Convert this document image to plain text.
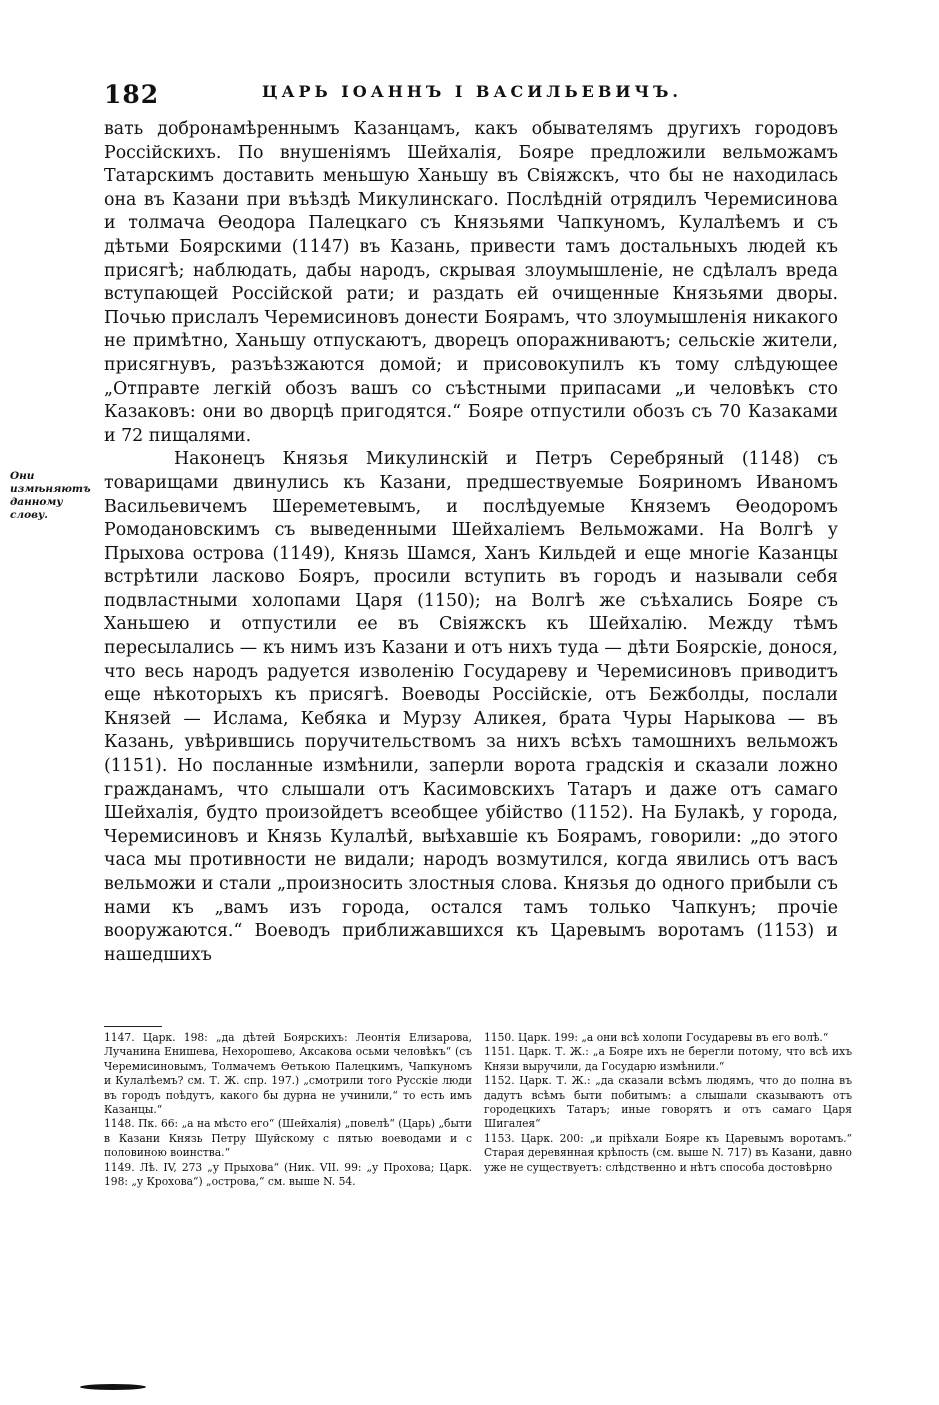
182	ЦАРЬ ІОАННЪ І ВАСИЛЬЕВИЧЪ.
Они измѣняютъ данному слову.

вать добронамѣреннымъ Казанцамъ, какъ обывателямъ другихъ городовъ Россійскихъ. По внушеніямъ Шейхалія, Бояре предложили вельможамъ Татарскимъ доставить меньшую Ханьшу въ Свіяжскъ, что бы не находилась она въ Казани при въѣздѣ Микулинскаго. Послѣдній отрядилъ Черемисинова и толмача Өеодора Палецкаго съ Князьями Чапкуномъ, Кулалѣемъ и съ дѣтьми Боярскими (1147) въ Казань, привести тамъ достальныхъ людей къ присягѣ; наблюдать, дабы народъ, скрывая злоумышленіе, не сдѣлалъ вреда вступающей Россійской рати; и раздать ей очищенные Князьями дворы. Почью прислалъ Черемисиновъ донести Боярамъ, что злоумышленія никакого не примѣтно, Ханьшу отпускаютъ, дворецъ опоражниваютъ; сельскіе жители, присягнувъ, разъѣзжаются домой; и присовокупилъ къ тому слѣдующее „Отправте легкій обозъ вашъ со съѣстными припасами „и человѣкъ сто Казаковъ: они во дворцѣ пригодятся.“ Бояре отпустили обозъ съ 70 Казаками и 72 пищалями.

Наконецъ Князья Микулинскій и Петръ Серебряный (1148) съ товарищами двинулись къ Казани, предшествуемые Бояриномъ Иваномъ Васильевичемъ Шереметевымъ, и послѣдуемые Княземъ Өеодоромъ Ромодановскимъ съ выведенными Шейхаліемъ Вельможами. На Волгѣ у Прыхова острова (1149), Князь Шамся, Ханъ Кильдей и еще многіе Казанцы встрѣтили ласково Бояръ, просили вступить въ городъ и называли себя подвластными холопами Царя (1150); на Волгѣ же съѣхались Бояре съ Ханьшею и отпустили ее въ Свіяжскъ къ Шейхалію. Между тѣмъ пересылались — къ нимъ изъ Казани и отъ нихъ туда — дѣти Боярскіе, донося, что весь народъ радуется изволенію Государеву и Черемисиновъ приводитъ еще нѣкоторыхъ къ присягѣ. Воеводы Россійскіе, отъ Бежболды, послали Князей — Ислама, Кебяка и Мурзу Аликея, брата Чуры Нарыкова — въ Казань, увѣрившись поручительствомъ за нихъ всѣхъ тамошнихъ вельможъ (1151). Но посланные измѣнили, заперли ворота градскія и сказали ложно гражданамъ, что слышали отъ Касимовскихъ Татаръ и даже отъ самаго Шейхалія, будто произойдетъ всеобщее убійство (1152). На Булакѣ, у города, Черемисиновъ и Князь Кулалѣй, выѣхавшіе къ Боярамъ, говорили: „до этого часа мы противности не видали; народъ возмутился, когда явились отъ васъ вельможи и стали „произносить злостныя слова. Князья до одного прибыли съ нами къ „вамъ изъ города, остался тамъ только Чапкунъ; прочіе вооружаются.“ Воеводъ приближавшихся къ Царевымъ воротамъ (1153) и нашедшихъ

1147. Царк. 198: „да дѣтей Боярскихъ: Леонтія Елизарова, Лучанина Енишева, Нехорошево, Аксакова осьми человѣкъ“ (съ Черемисиновымъ, Толмачемъ Өетькою Палецкимъ, Чапкуномъ и Кулалѣемъ? см. Т. Ж. спр. 197.) „смотрили того Русскіе люди въ городъ поѣдутъ, какого бы дурна не учинили,“ то есть имъ Казанцы.“

1148. Пк. 66: „а на мѣсто его“ (Шейхалія) „повелѣ“ (Царь) „быти в Казани Князь Петру Шуйскому с пятью воеводами и с половиною воинства.“

1149. Лѣ. IV, 273 „у Прыхова“ (Ник. VII. 99: „у Прохова; Царк. 198: „у Крохова“) „острова,“ см. выше N. 54.

1150. Царк. 199: „а они всѣ холопи Государевы въ его волѣ.“

1151. Царк. Т. Ж.: „а Бояре ихъ не берегли потому, что всѣ ихъ Князи выручили, да Государю измѣнили.“

1152. Царк. Т. Ж.: „да сказали всѣмъ людямъ, что до полна въ дадутъ всѣмъ быти побитымъ: а слышали сказываютъ отъ городецкихъ Татаръ; иные говорятъ и отъ самаго Царя Шигалея“

1153. Царк. 200: „и пріѣхали Бояре къ Царевымъ воротамъ.“ Старая деревянная крѣпость (см. выше N. 717) въ Казани, давно уже не существуетъ: слѣдственно и нѣтъ способа достовѣрно
